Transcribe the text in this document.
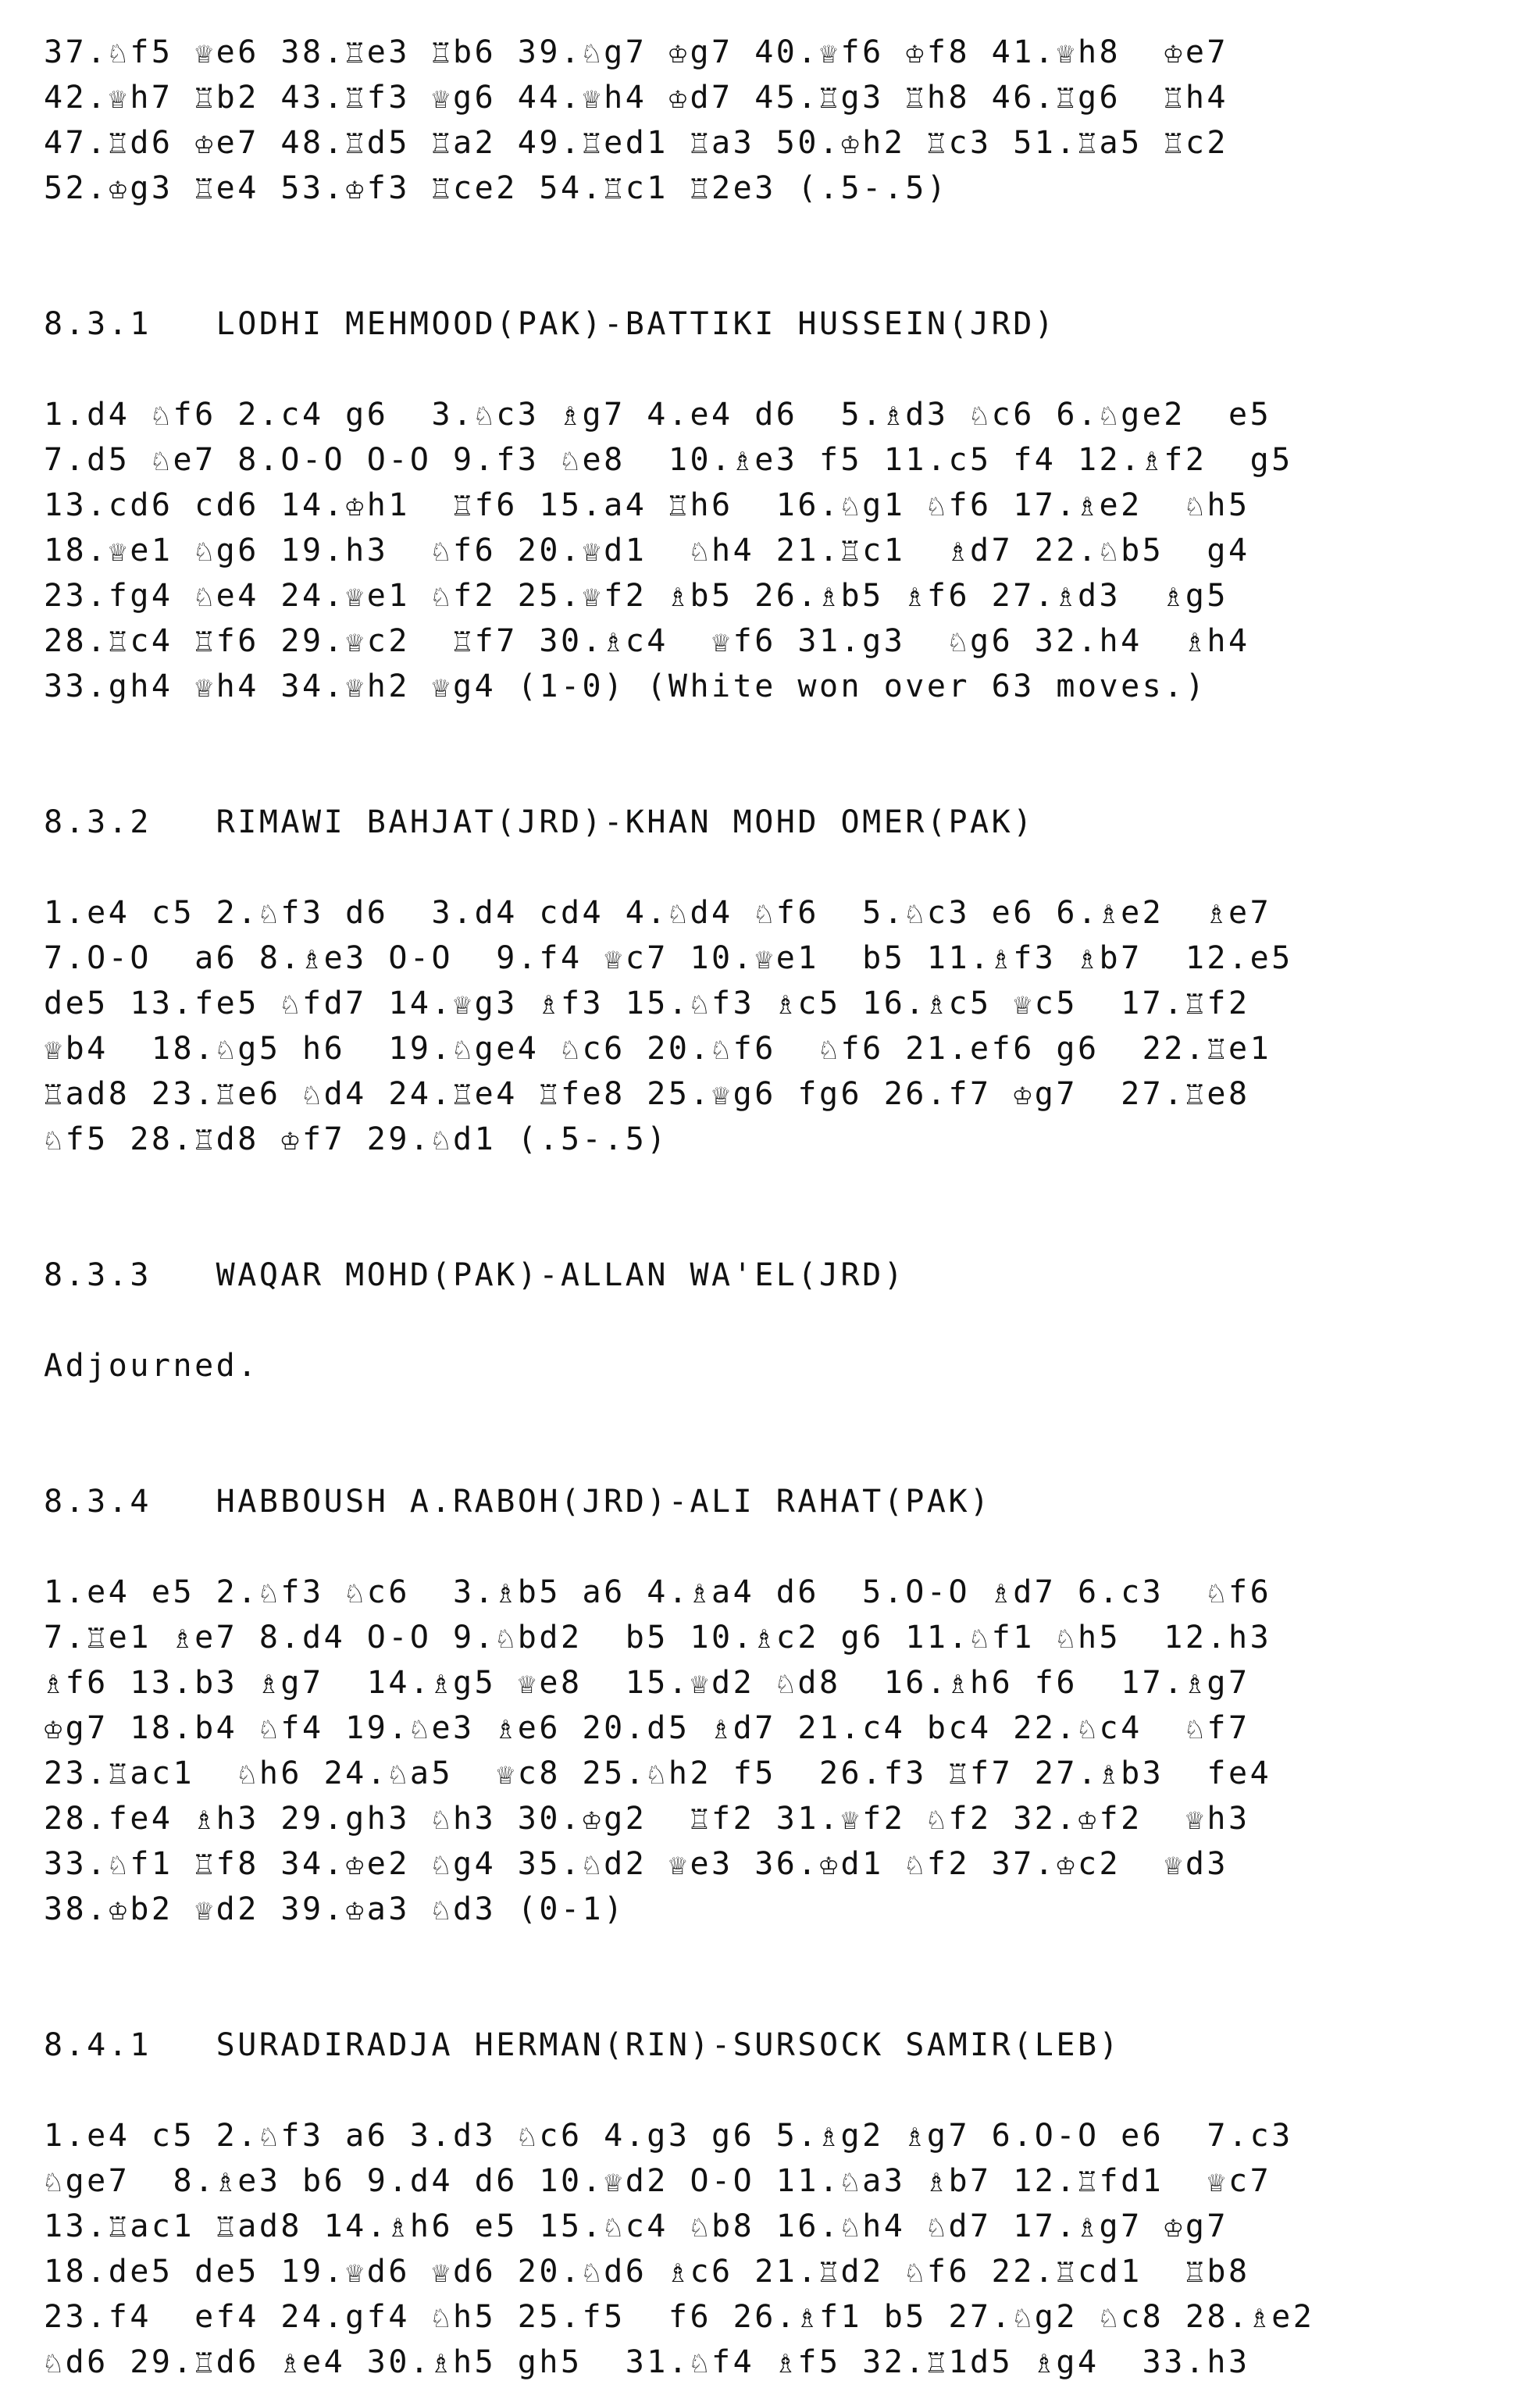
37.♘f5 ♕e6 38.♖e3 ♖b6 39.♘g7 ♔g7 40.♕f6 ♔f8 41.♕h8  ♔e7

42.♕h7 ♖b2 43.♖f3 ♕g6 44.♕h4 ♔d7 45.♖g3 ♖h8 46.♖g6  ♖h4

47.♖d6 ♔e7 48.♖d5 ♖a2 49.♖ed1 ♖a3 50.♔h2 ♖c3 51.♖a5 ♖c2

52.♔g3 ♖e4 53.♔f3 ♖ce2 54.♖c1 ♖2e3 (.5-.5)

8.3.1 LODHI MEHMOOD(PAK)-BATTIKI HUSSEIN(JRD)

1.d4 ♘f6 2.c4 g6  3.♘c3 ♗g7 4.e4 d6  5.♗d3 ♘c6 6.♘ge2  e5

7.d5 ♘e7 8.O-O O-O 9.f3 ♘e8  10.♗e3 f5 11.c5 f4 12.♗f2  g5

13.cd6 cd6 14.♔h1  ♖f6 15.a4 ♖h6  16.♘g1 ♘f6 17.♗e2  ♘h5

18.♕e1 ♘g6 19.h3  ♘f6 20.♕d1  ♘h4 21.♖c1  ♗d7 22.♘b5  g4

23.fg4 ♘e4 24.♕e1 ♘f2 25.♕f2 ♗b5 26.♗b5 ♗f6 27.♗d3  ♗g5

28.♖c4 ♖f6 29.♕c2  ♖f7 30.♗c4  ♕f6 31.g3  ♘g6 32.h4  ♗h4

33.gh4 ♕h4 34.♕h2 ♕g4 (1-0) (White won over 63 moves.)

8.3.2 RIMAWI BAHJAT(JRD)-KHAN MOHD OMER(PAK)

1.e4 c5 2.♘f3 d6  3.d4 cd4 4.♘d4 ♘f6  5.♘c3 e6 6.♗e2  ♗e7

7.O-O  a6 8.♗e3 O-O  9.f4 ♕c7 10.♕e1  b5 11.♗f3 ♗b7  12.e5

de5 13.fe5 ♘fd7 14.♕g3 ♗f3 15.♘f3 ♗c5 16.♗c5 ♕c5  17.♖f2

♕b4  18.♘g5 h6  19.♘ge4 ♘c6 20.♘f6  ♘f6 21.ef6 g6  22.♖e1

♖ad8 23.♖e6 ♘d4 24.♖e4 ♖fe8 25.♕g6 fg6 26.f7 ♔g7  27.♖e8

♘f5 28.♖d8 ♔f7 29.♘d1 (.5-.5)

8.3.3 WAQAR MOHD(PAK)-ALLAN WA'EL(JRD)

Adjourned.

8.3.4 HABBOUSH A.RABOH(JRD)-ALI RAHAT(PAK)

1.e4 e5 2.♘f3 ♘c6  3.♗b5 a6 4.♗a4 d6  5.O-O ♗d7 6.c3  ♘f6

7.♖e1 ♗e7 8.d4 O-O 9.♘bd2  b5 10.♗c2 g6 11.♘f1 ♘h5  12.h3

♗f6 13.b3 ♗g7  14.♗g5 ♕e8  15.♕d2 ♘d8  16.♗h6 f6  17.♗g7

♔g7 18.b4 ♘f4 19.♘e3 ♗e6 20.d5 ♗d7 21.c4 bc4 22.♘c4  ♘f7

23.♖ac1  ♘h6 24.♘a5  ♕c8 25.♘h2 f5  26.f3 ♖f7 27.♗b3  fe4

28.fe4 ♗h3 29.gh3 ♘h3 30.♔g2  ♖f2 31.♕f2 ♘f2 32.♔f2  ♕h3

33.♘f1 ♖f8 34.♔e2 ♘g4 35.♘d2 ♕e3 36.♔d1 ♘f2 37.♔c2  ♕d3

38.♔b2 ♕d2 39.♔a3 ♘d3 (0-1)

8.4.1 SURADIRADJA HERMAN(RIN)-SURSOCK SAMIR(LEB)

1.e4 c5 2.♘f3 a6 3.d3 ♘c6 4.g3 g6 5.♗g2 ♗g7 6.O-O e6  7.c3

♘ge7  8.♗e3 b6 9.d4 d6 10.♕d2 O-O 11.♘a3 ♗b7 12.♖fd1  ♕c7

13.♖ac1 ♖ad8 14.♗h6 e5 15.♘c4 ♘b8 16.♘h4 ♘d7 17.♗g7 ♔g7

18.de5 de5 19.♕d6 ♕d6 20.♘d6 ♗c6 21.♖d2 ♘f6 22.♖cd1  ♖b8

23.f4  ef4 24.gf4 ♘h5 25.f5  f6 26.♗f1 b5 27.♘g2 ♘c8 28.♗e2

♘d6 29.♖d6 ♗e4 30.♗h5 gh5  31.♘f4 ♗f5 32.♖1d5 ♗g4  33.h3
